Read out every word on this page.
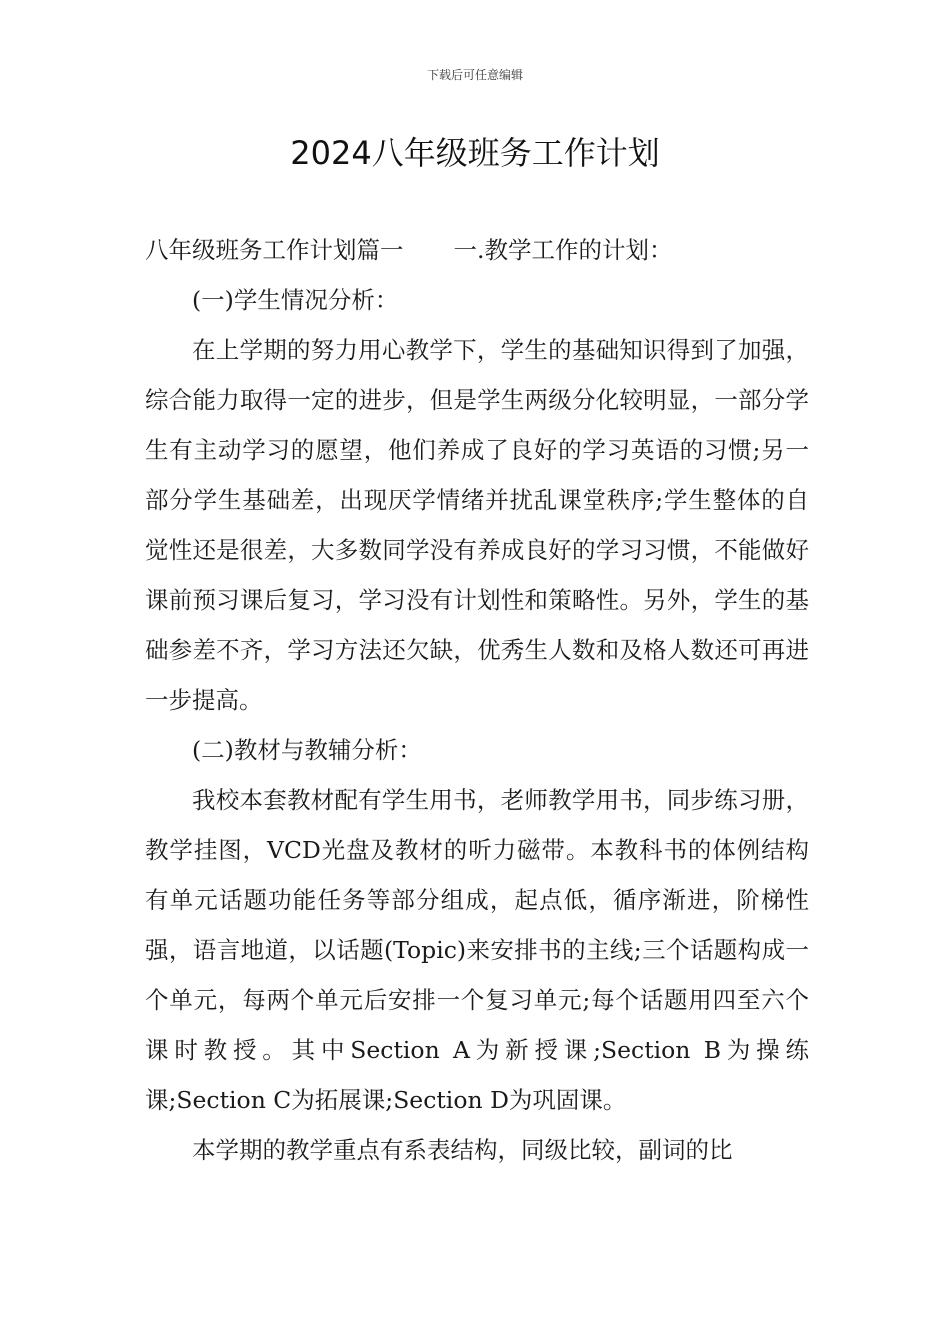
下载后可任意编辑
2024八年级班务工作计划

八年级班务工作计划篇一 一.教学工作的计划：

(一)学生情况分析：

在上学期的努力用心教学下，学生的基础知识得到了加强，综合能力取得一定的进步，但是学生两级分化较明显，一部分学生有主动学习的愿望，他们养成了良好的学习英语的习惯;另一部分学生基础差，出现厌学情绪并扰乱课堂秩序;学生整体的自觉性还是很差，大多数同学没有养成良好的学习习惯，不能做好课前预习课后复习，学习没有计划性和策略性。另外，学生的基础参差不齐，学习方法还欠缺，优秀生人数和及格人数还可再进一步提高。

(二)教材与教辅分析：

我校本套教材配有学生用书，老师教学用书，同步练习册，教学挂图，VCD光盘及教材的听力磁带。本教科书的体例结构有单元话题功能任务等部分组成，起点低，循序渐进，阶梯性强，语言地道，以话题(Topic)来安排书的主线;三个话题构成一个单元，每两个单元后安排一个复习单元;每个话题用四至六个课时教授。其中Section A为新授课;Section B为操练课;Section C为拓展课;Section D为巩固课。

本学期的教学重点有系表结构，同级比较，副词的比
